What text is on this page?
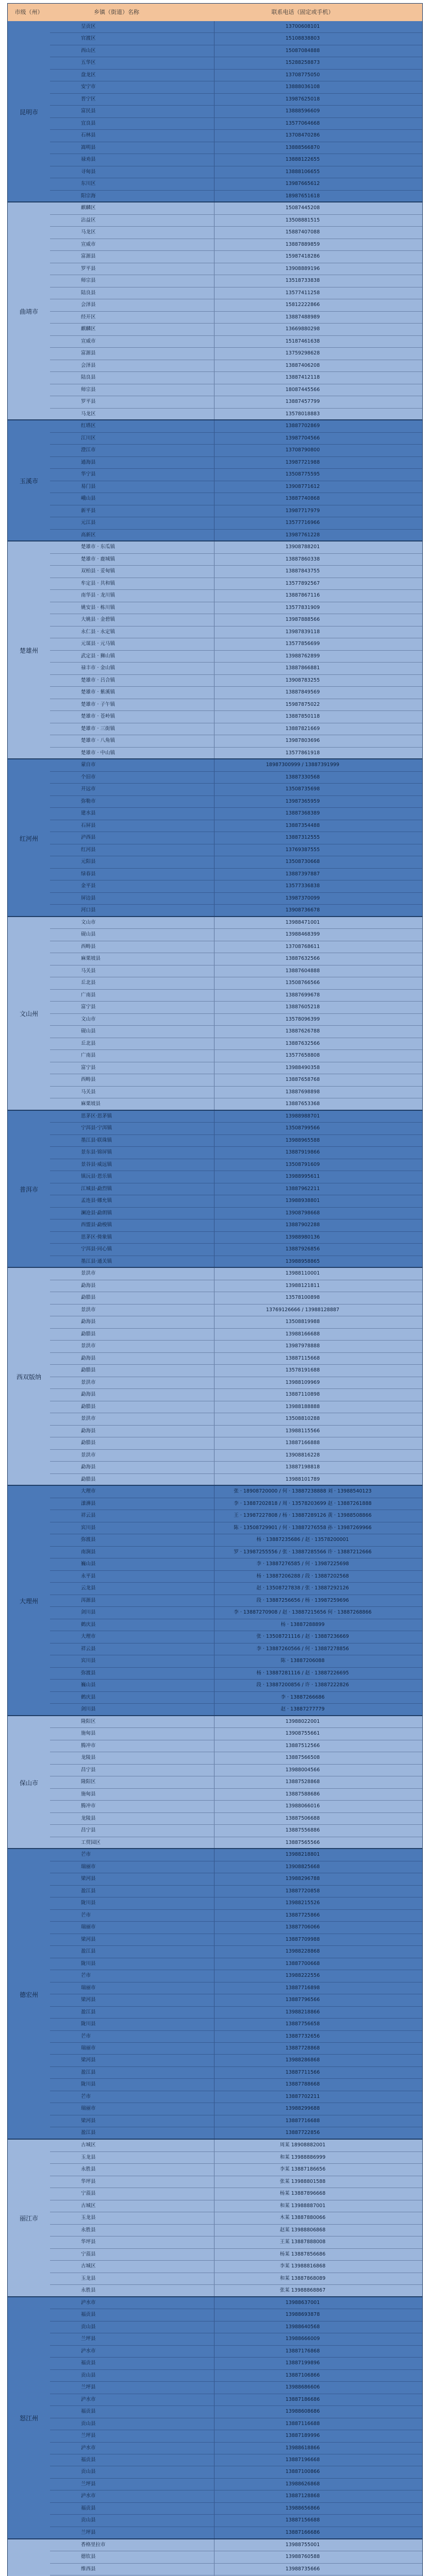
市级（州）	乡镇（街道）名称	联系电话（固定或手机）
昆明市
呈贡区	13700608101
官渡区	15108838803
西山区	15087084888
五华区	15288258873
盘龙区	13708775050
安宁市	13888036108
晋宁区	13987625018
富民县	13888596609
宜良县	13577064668
石林县	13708470286
嵩明县	13888566870
禄劝县	13888122655
寻甸县	13888106655
东川区	13987665612
阳宗海	18987651618
曲靖市
麒麟区	15087445208
沾益区	13508881515
马龙区	15887407088
宣威市	13887889859
富源县	15987418286
罗平县	13908889196
师宗县	13518733838
陆良县	13577411258
会泽县	15812222866
经开区	13887488989
麒麟区	13669880298
宣威市	15187461638
富源县	13759298628
会泽县	13887406208
陆良县	13887412118
师宗县	18087445566
罗平县	13887457799
马龙区	13578018883
玉溪市
红塔区	13887702869
江川区	13987704566
澄江市	13708790800
通海县	13987721988
华宁县	13508775595
易门县	13908771612
峨山县	13887740868
新平县	13987717979
元江县	13577716966
高新区	13987761228
楚雄州
楚雄市 · 东瓜镇	13908788201
楚雄市 · 鹿城镇	13887860338
双柏县 · 妥甸镇	13887843755
牟定县 · 共和镇	13577892567
南华县 · 龙川镇	13887867116
姚安县 · 栋川镇	13577831909
大姚县 · 金碧镇	13987888566
永仁县 · 永定镇	13987839118
元谋县 · 元马镇	13577856699
武定县 · 狮山镇	13988762899
禄丰市 · 金山镇	13887866881
楚雄市 · 吕合镇	13908783255
楚雄市 · 紫溪镇	13887849569
楚雄市 · 子午镇	15987875022
楚雄市 · 苍岭镇	13887850118
楚雄市 · 三街镇	13887821669
楚雄市 · 八角镇	13987803696
楚雄市 · 中山镇	13577861918
红河州
蒙自市	18987300999 / 13887391999
个旧市	13887330568
开远市	13508735698
弥勒市	13987365959
建水县	13887368389
石屏县	13887354488
泸西县	13887312555
红河县	13769387555
元阳县	13508730668
绿春县	13887397887
金平县	13577336838
屏边县	13987370099
河口县	13908736678
文山州
文山市	13988471001
砚山县	13988468399
西畴县	13708768611
麻栗坡县	13887632566
马关县	13887604888
丘北县	13508766566
广南县	13887699678
富宁县	13887605218
文山市	13578096399
砚山县	13887626788
丘北县	13887632566
广南县	13577658808
富宁县	13988490358
西畴县	13887658768
马关县	13887698898
麻栗坡县	13887653368
普洱市
思茅区·思茅镇	13988988701
宁洱县·宁洱镇	13508799566
墨江县·联珠镇	13988965588
景东县·锦屏镇	13887919866
景谷县·威远镇	13508791609
镇沅县·恩乐镇	13988995611
江城县·勐烈镇	13887962211
孟连县·娜允镇	13988938801
澜沧县·勐朗镇	13908798668
西盟县·勐梭镇	13887902288
思茅区·倚象镇	13988980136
宁洱县·同心镇	13887926856
墨江县·通关镇	13988958865
西双版纳
景洪市	13988110001
勐海县	13988121811
勐腊县	13578100898
景洪市	13769126666 / 13988128887
勐海县	13508819988
勐腊县	13988166688
景洪市	13987978888
勐海县	13887115668
勐腊县	13578191688
景洪市	13988109969
勐海县	13887110898
勐腊县	13988188888
景洪市	13508810288
勐海县	13988115566
勐腊县	13887166888
景洪市	13908816228
勐海县	13887198818
勐腊县	13988101789
大理州
大理市	张 · 18908720000 / 何 · 13887238888 刘 · 13988540123
漾濞县	李 · 13887202818 / 周 · 13578203699 赵 · 13887261888
祥云县	王 · 13987227808 / 杨 · 13887289126 黄 · 13988508866
宾川县	陈 · 13508729901 / 何 · 13887276558 孙 · 13987269966
弥渡县	杨 · 13887235686 / 赵 · 13578200001
南涧县	罗 · 13987255556 / 张 · 13887285566 许 · 13887212666
巍山县	李 · 13887276585 / 何 · 13987225698
永平县	杨 · 13887206288 / 段 · 13887202568
云龙县	赵 · 13508727838 / 张 · 13887292126
洱源县	段 · 13887256656 / 杨 · 13987259696
剑川县	李 · 13887270908 / 赵 · 13887215656 何 · 13887268866
鹤庆县	杨 · 13887288899
大理市	张 · 13508721116 / 赵 · 13887236669
祥云县	李 · 13887260566 / 何 · 13887278856
宾川县	陈 · 13887206088
弥渡县	杨 · 13887281116 / 赵 · 13887226695
巍山县	段 · 13887200856 / 许 · 13887222826
鹤庆县	李 · 13887266686
剑川县	赵 · 13887277779
保山市
隆阳区	13988022001
施甸县	13908755661
腾冲市	13887512566
龙陵县	13887566508
昌宁县	13988004566
隆阳区	13887528868
施甸县	13887588686
腾冲市	13988066016
龙陵县	13887506688
昌宁县	13887556886
工贸园区	13887565566
德宏州
芒市	13988218801
瑞丽市	13908825668
梁河县	13988296788
盈江县	13887720858
陇川县	13988215526
芒市	13887725866
瑞丽市	13887706066
梁河县	13887709988
盈江县	13988228868
陇川县	13887700668
芒市	13988222556
瑞丽市	13887716898
梁河县	13887796566
盈江县	13988218866
陇川县	13887756658
芒市	13887732656
瑞丽市	13887728868
梁河县	13988286868
盈江县	13887711566
陇川县	13887788668
芒市	13887702211
瑞丽市	13988299688
梁河县	13887716688
盈江县	13887722856
丽江市
古城区	周某 18908882001
玉龙县	和某 13988886999
永胜县	李某 13887186656
华坪县	张某 13988801588
宁蒗县	杨某 13887896668
古城区	和某 13988887001
玉龙县	木某 13887880066
永胜县	赵某 13988806868
华坪县	王某 13887888008
宁蒗县	杨某 13887856686
古城区	李某 13988816868
玉龙县	和某 13887868089
永胜县	张某 13988868867
怒江州
泸水市	13988637001
福贡县	13988693878
贡山县	13988640568
兰坪县	13988666009
泸水市	13887176868
福贡县	13887199896
贡山县	13887106866
兰坪县	13988686606
泸水市	13887186686
福贡县	13988608686
贡山县	13887116688
兰坪县	13887189996
泸水市	13988618866
福贡县	13887196668
贡山县	13887100866
兰坪县	13988626868
泸水市	13887128868
福贡县	13988656866
贡山县	13887156688
兰坪县	13887166686
香格里拉市	13988755001
德钦县	13988760588
维西县	13988735666
